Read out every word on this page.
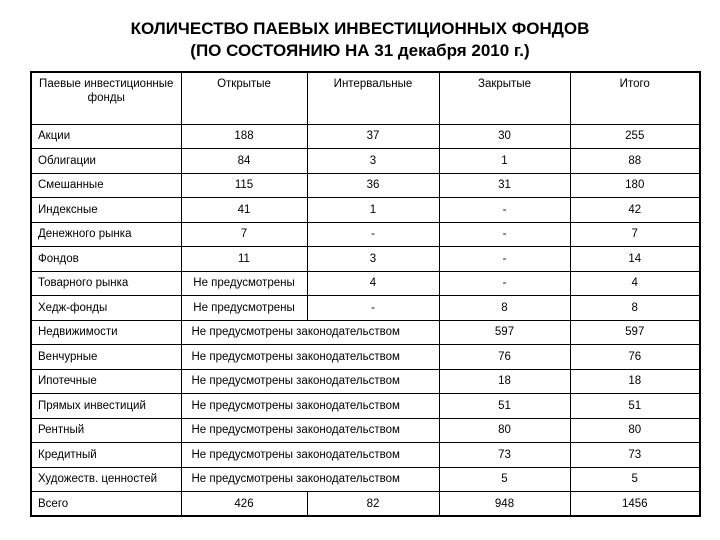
КОЛИЧЕСТВО ПАЕВЫХ ИНВЕСТИЦИОННЫХ ФОНДОВ
(ПО СОСТОЯНИЮ НА 31 декабря 2010 г.)
Паевые инвестиционные фонды	Открытые	Интервальные	Закрытые	Итого
Акции	188	37	30	255
Облигации	84	3	1	88
Смешанные	115	36	31	180
Индексные	41	1	-	42
Денежного рынка	7	-	-	7
Фондов	11	3	-	14
Товарного рынка	Не предусмотрены	4	-	4
Хедж-фонды	Не предусмотрены	-	8	8
Недвижимости	Не предусмотрены законодательством		597	597
Венчурные	Не предусмотрены законодательством		76	76
Ипотечные	Не предусмотрены законодательством		18	18
Прямых инвестиций	Не предусмотрены законодательством		51	51
Рентный	Не предусмотрены законодательством		80	80
Кредитный	Не предусмотрены законодательством		73	73
Художеств. ценностей	Не предусмотрены законодательством		5	5
Всего	426	82	948	1456
